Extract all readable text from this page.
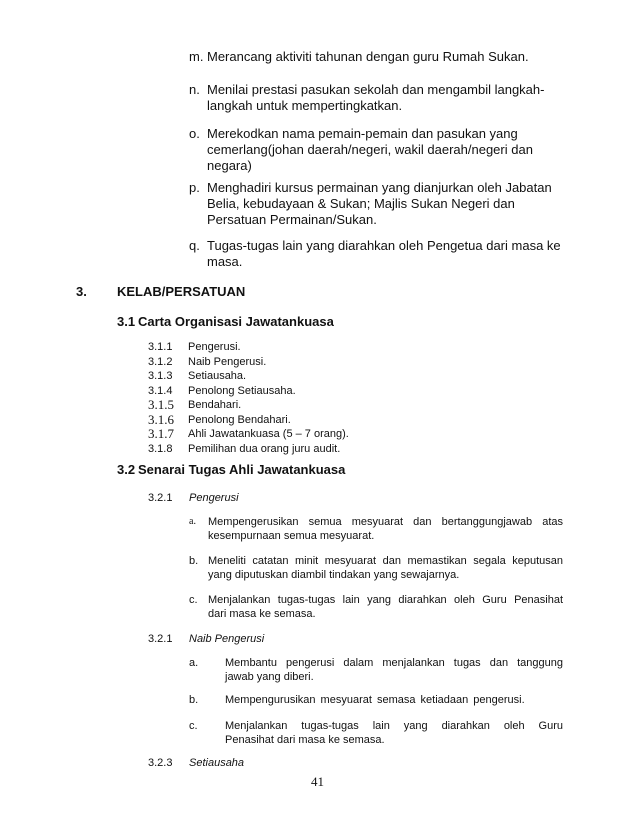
m. Merancang aktiviti tahunan dengan guru Rumah Sukan.
n. Menilai prestasi pasukan sekolah dan mengambil langkah-
langkah untuk mempertingkatkan.
o. Merekodkan nama pemain-pemain dan pasukan yang
cemerlang(johan daerah/negeri, wakil daerah/negeri dan
negara)
p. Menghadiri kursus permainan yang dianjurkan oleh Jabatan
Belia, kebudayaan & Sukan; Majlis Sukan Negeri dan
Persatuan Permainan/Sukan.
q. Tugas-tugas lain yang diarahkan oleh Pengetua dari masa ke
masa.
3. KELAB/PERSATUAN
3.1 Carta Organisasi Jawatankuasa
3.1.1 Pengerusi.
3.1.2 Naib Pengerusi.
3.1.3 Setiausaha.
3.1.4 Penolong Setiausaha.
3.1.5 Bendahari.
3.1.6 Penolong Bendahari.
3.1.7 Ahli Jawatankuasa (5 – 7 orang).
3.1.8 Pemilihan dua orang juru audit.
3.2 Senarai Tugas Ahli Jawatankuasa
3.2.1 Pengerusi
a. Mempengerusikan semua mesyuarat dan bertanggungjawab atas
kesempurnaan semua mesyuarat.
b. Meneliti catatan minit mesyuarat dan memastikan segala keputusan
yang diputuskan diambil tindakan yang sewajarnya.
c. Menjalankan tugas-tugas lain yang diarahkan oleh Guru Penasihat
dari masa ke semasa.
3.2.1 Naib Pengerusi
a. Membantu pengerusi dalam menjalankan tugas dan tanggung
jawab yang diberi.
b. Mempengurusikan mesyuarat semasa ketiadaan pengerusi.
c. Menjalankan tugas-tugas lain yang diarahkan oleh Guru
Penasihat dari masa ke semasa.
3.2.3 Setiausaha
41
